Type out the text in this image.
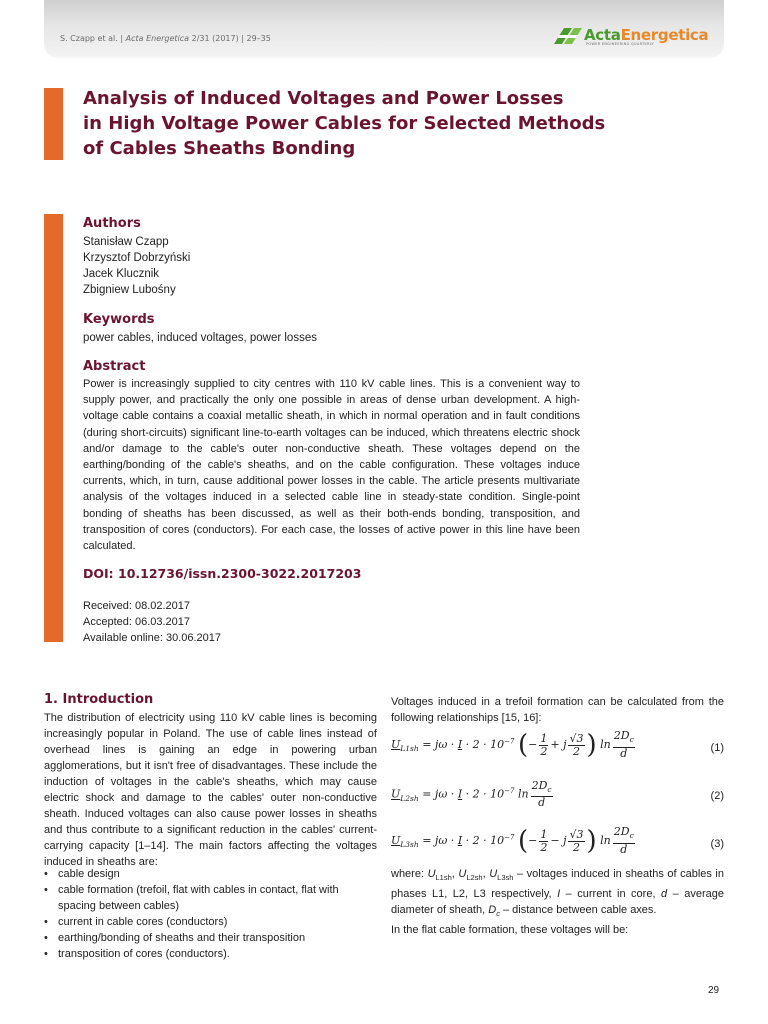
S. Czapp et al. | Acta Energetica 2/31 (2017) | 29–35	ActaEnergetica
POWER ENGINEERING QUARTERLY
Analysis of Induced Voltages and Power Losses
in High Voltage Power Cables for Selected Methods
of Cables Sheaths Bonding
Authors
Stanisław Czapp
Krzysztof Dobrzyński
Jacek Klucznik
Zbigniew Lubośny
Keywords
power cables, induced voltages, power losses
Abstract

Power is increasingly supplied to city centres with 110 kV cable lines. This is a convenient way to supply power, and practically the only one possible in areas of dense urban development. A high-voltage cable contains a coaxial metallic sheath, in which in normal operation and in fault conditions (during short-circuits) significant line-to-earth voltages can be induced, which threatens electric shock and/or damage to the cable's outer non-conductive sheath. These voltages depend on the earthing/bonding of the cable's sheaths, and on the cable configuration. These voltages induce currents, which, in turn, cause additional power losses in the cable. The article presents multivariate analysis of the voltages induced in a selected cable line in steady-state condition. Single-point bonding of sheaths has been discussed, as well as their both-ends bonding, transposition, and transposition of cores (conductors). For each case, the losses of active power in this line have been calculated.

DOI: 10.12736/issn.2300-3022.2017203
Received: 08.02.2017
Accepted: 06.03.2017
Available online: 30.06.2017
1. Introduction

The distribution of electricity using 110 kV cable lines is becoming increasingly popular in Poland. The use of cable lines instead of overhead lines is gaining an edge in powering urban agglomerations, but it isn't free of disadvantages. These include the induction of voltages in the cable's sheaths, which may cause electric shock and damage to the cables' outer non-conductive sheath. Induced voltages can also cause power losses in sheaths and thus contribute to a significant reduction in the cables' current-carrying capacity [1–14]. The main factors affecting the voltages induced in sheaths are:

• cable design
• cable formation (trefoil, flat with cables in contact, flat with spacing between cables)
• current in cable cores (conductors)
• earthing/bonding of sheaths and their transposition
• transposition of cores (conductors).

Voltages induced in a trefoil formation can be calculated from the following relationships [15, 16]:

$U_{L1sh} = j\omega \cdot I \cdot 2 \cdot 10^{-7}$ (− $\frac{1}{2} + j \frac{√3}{2}$ ) $\ln \frac{2D_c}{d}$	(1)
$U_{L2sh} = j\omega \cdot I \cdot 2 \cdot 10^{-7}$ $\ln \frac{2D_c}{d}$	(2)
$U_{L3sh} = j\omega \cdot I \cdot 2 \cdot 10^{-7}$ (− $\frac{1}{2} - j \frac{√3}{2}$ ) $\ln \frac{2D_c}{d}$	(3)

where: $U_{L1sh}$, $U_{L2sh}$, $U_{L3sh}$ – voltages induced in sheaths of cables in phases L1, L2, L3 respectively, I – current in core, d – average diameter of sheath, $D_c$ – distance between cable axes.
In the flat cable formation, these voltages will be:

29
